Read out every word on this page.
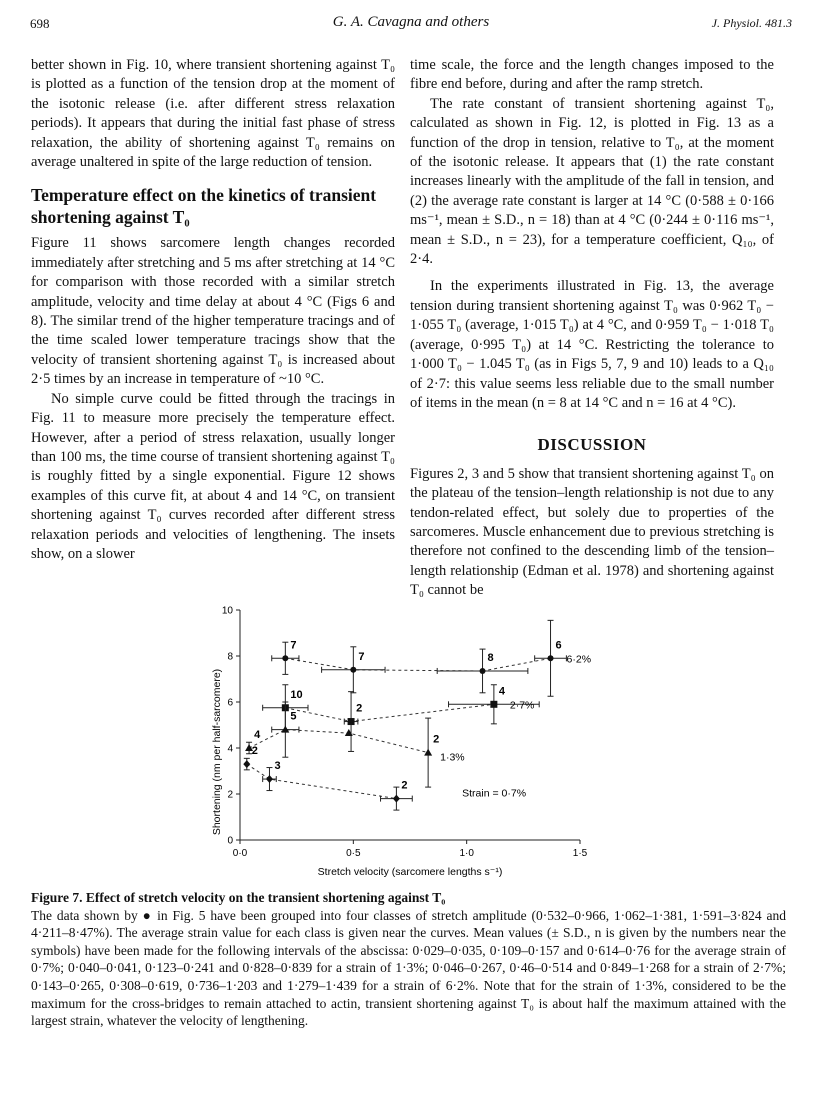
698	G. A. Cavagna and others	J. Physiol. 481.3

better shown in Fig. 10, where transient shortening against T₀ is plotted as a function of the tension drop at the moment of the isotonic release (i.e. after different stress relaxation periods). It appears that during the initial fast phase of stress relaxation, the ability of shortening against T₀ remains on average unaltered in spite of the large reduction of tension.

Temperature effect on the kinetics of transient shortening against T₀

Figure 11 shows sarcomere length changes recorded immediately after stretching and 5 ms after stretching at 14 °C for comparison with those recorded with a similar stretch amplitude, velocity and time delay at about 4 °C (Figs 6 and 8). The similar trend of the higher temperature tracings and of the time scaled lower temperature tracings show that the velocity of transient shortening against T₀ is increased about 2·5 times by an increase in temperature of ~10 °C.

No simple curve could be fitted through the tracings in Fig. 11 to measure more precisely the temperature effect. However, after a period of stress relaxation, usually longer than 100 ms, the time course of transient shortening against T₀ is roughly fitted by a single exponential. Figure 12 shows examples of this curve fit, at about 4 and 14 °C, on transient shortening against T₀ curves recorded after different stress relaxation periods and velocities of lengthening. The insets show, on a slower

time scale, the force and the length changes imposed to the fibre end before, during and after the ramp stretch.

The rate constant of transient shortening against T₀, calculated as shown in Fig. 12, is plotted in Fig. 13 as a function of the drop in tension, relative to T₀, at the moment of the isotonic release. It appears that (1) the rate constant increases linearly with the amplitude of the fall in tension, and (2) the average rate constant is larger at 14 °C (0·588 ± 0·166 ms⁻¹, mean ± S.D., n = 18) than at 4 °C (0·244 ± 0·116 ms⁻¹, mean ± S.D., n = 23), for a temperature coefficient, Q₁₀, of 2·4.

In the experiments illustrated in Fig. 13, the average tension during transient shortening against T₀ was 0·962 T₀ − 1·055 T₀ (average, 1·015 T₀) at 4 °C, and 0·959 T₀ − 1·018 T₀ (average, 0·995 T₀) at 14 °C. Restricting the tolerance to 1·000 T₀ − 1.045 T₀ (as in Figs 5, 7, 9 and 10) leads to a Q₁₀ of 2·7: this value seems less reliable due to the small number of items in the mean (n = 8 at 14 °C and n = 16 at 4 °C).

DISCUSSION

Figures 2, 3 and 5 show that transient shortening against T₀ on the plateau of the tension–length relationship is not due to any tendon-related effect, but solely due to properties of the sarcomeres. Muscle enhancement due to previous stretching is therefore not confined to the descending limb of the tension–length relationship (Edman et al. 1978) and shortening against T₀ cannot be

0
2
4
6
8
10
0·0	0·5	1·0	1·5
7
7	8
6
6·2%
10
2
4
2·7%
4
5
2
1·3%
2
3
2
Strain = 0·7%
Shortening (nm per half-sarcomere)
Stretch velocity (sarcomere lengths s⁻¹)
Figure 7. Effect of stretch velocity on the transient shortening against T₀
The data shown by ● in Fig. 5 have been grouped into four classes of stretch amplitude (0·532–0·966, 1·062–1·381, 1·591–3·824 and 4·211–8·47%). The average strain value for each class is given near the curves. Mean values (± S.D., n is given by the numbers near the symbols) have been made for the following intervals of the abscissa: 0·029–0·035, 0·109–0·157 and 0·614–0·76 for the average strain of 0·7%; 0·040–0·041, 0·123–0·241 and 0·828–0·839 for a strain of 1·3%; 0·046–0·267, 0·46–0·514 and 0·849–1·268 for a strain of 2·7%; 0·143–0·265, 0·308–0·619, 0·736–1·203 and 1·279–1·439 for a strain of 6·2%. Note that for the strain of 1·3%, considered to be the maximum for the cross-bridges to remain attached to actin, transient shortening against T₀ is about half the maximum attained with the largest strain, whatever the velocity of lengthening.
